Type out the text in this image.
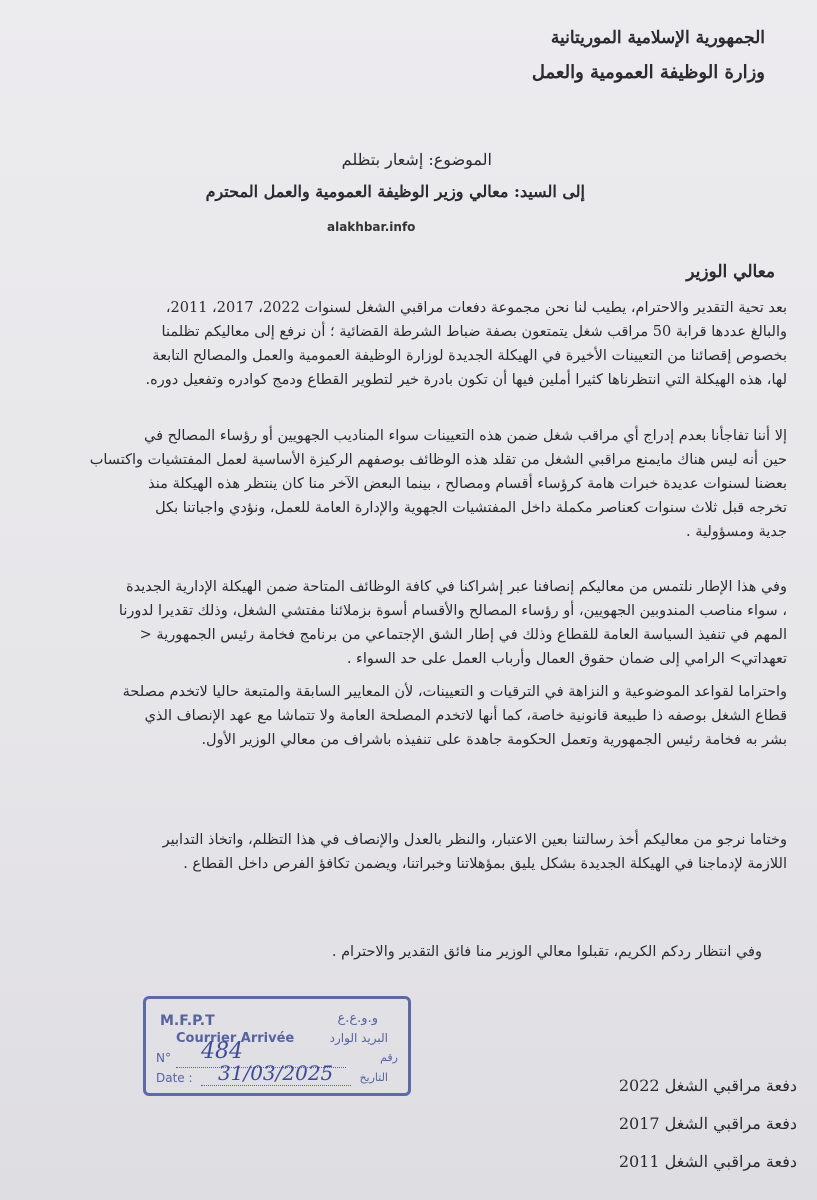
الجمهورية الإسلامية الموريتانية
وزارة الوظيفة العمومية والعمل
الموضوع: إشعار بتظلم
إلى السيد: معالي وزير الوظيفة العمومية والعمل المحترم
alakhbar.info
معالي الوزير
بعد تحية التقدير والاحترام، يطيب لنا نحن مجموعة دفعات مراقبي الشغل لسنوات 2022، 2017، 2011،
والبالغ عددها قرابة 50 مراقب شغل يتمتعون بصفة ضباط الشرطة القضائية ؛ أن نرفع إلى معاليكم تظلمنا
بخصوص إقصائنا من التعيينات الأخيرة في الهيكلة الجديدة لوزارة الوظيفة العمومية والعمل والمصالح التابعة
لها، هذه الهيكلة التي انتظرناها كثيرا أملين فيها أن تكون بادرة خير لتطوير القطاع ودمج كوادره وتفعيل دوره.
إلا أننا تفاجأنا بعدم إدراج أي مراقب شغل ضمن هذه التعيينات سواء المناديب الجهويين أو رؤساء المصالح في
حين أنه ليس هناك مايمنع مراقبي الشغل من تقلد هذه الوظائف بوصفهم الركيزة الأساسية لعمل المفتشيات واكتساب
بعضنا لسنوات عديدة خبرات هامة كرؤساء أقسام ومصالح ، بينما البعض الآخر منا كان ينتظر هذه الهيكلة منذ
تخرجه قبل ثلاث سنوات كعناصر مكملة داخل المفتشيات الجهوية والإدارة العامة للعمل، ونؤدي واجباتنا بكل
جدية ومسؤولية .
وفي هذا الإطار نلتمس من معاليكم إنصافنا عبر إشراكنا في كافة الوظائف المتاحة ضمن الهيكلة الإدارية الجديدة
، سواء مناصب المندوبين الجهويين، أو رؤساء المصالح والأقسام أسوة بزملائنا مفتشي الشغل، وذلك تقديرا لدورنا
المهم في تنفيذ السياسة العامة للقطاع وذلك في إطار الشق الإجتماعي من برنامج فخامة رئيس الجمهورية <
تعهداتي> الرامي إلى ضمان حقوق العمال وأرباب العمل على حد السواء .
واحتراما لقواعد الموضوعية و النزاهة في الترقيات و التعيينات، لأن المعايير السابقة والمتبعة حاليا لاتخدم مصلحة
قطاع الشغل بوصفه ذا طبيعة قانونية خاصة، كما أنها لاتخدم المصلحة العامة ولا تتماشا مع عهد الإنصاف الذي
بشر به فخامة رئيس الجمهورية وتعمل الحكومة جاهدة على تنفيذه باشراف من معالي الوزير الأول.
وختاما نرجو من معاليكم أخذ رسالتنا بعين الاعتبار، والنظر بالعدل والإنصاف في هذا التظلم، واتخاذ التدابير
اللازمة لإدماجنا في الهيكلة الجديدة بشكل يليق بمؤهلاتنا وخبراتنا، ويضمن تكافؤ الفرص داخل القطاع .
وفي انتظار ردكم الكريم، تقبلوا معالي الوزير منا فائق التقدير والاحترام .
M.F.P.T	و.و.ع.ع
Courrier Arrivée	البريد الوارد
N° 484	رقم
Date : 31/03/2025 التاريخ	دفعة مراقبي الشغل 2022
دفعة مراقبي الشغل 2017
دفعة مراقبي الشغل 2011
